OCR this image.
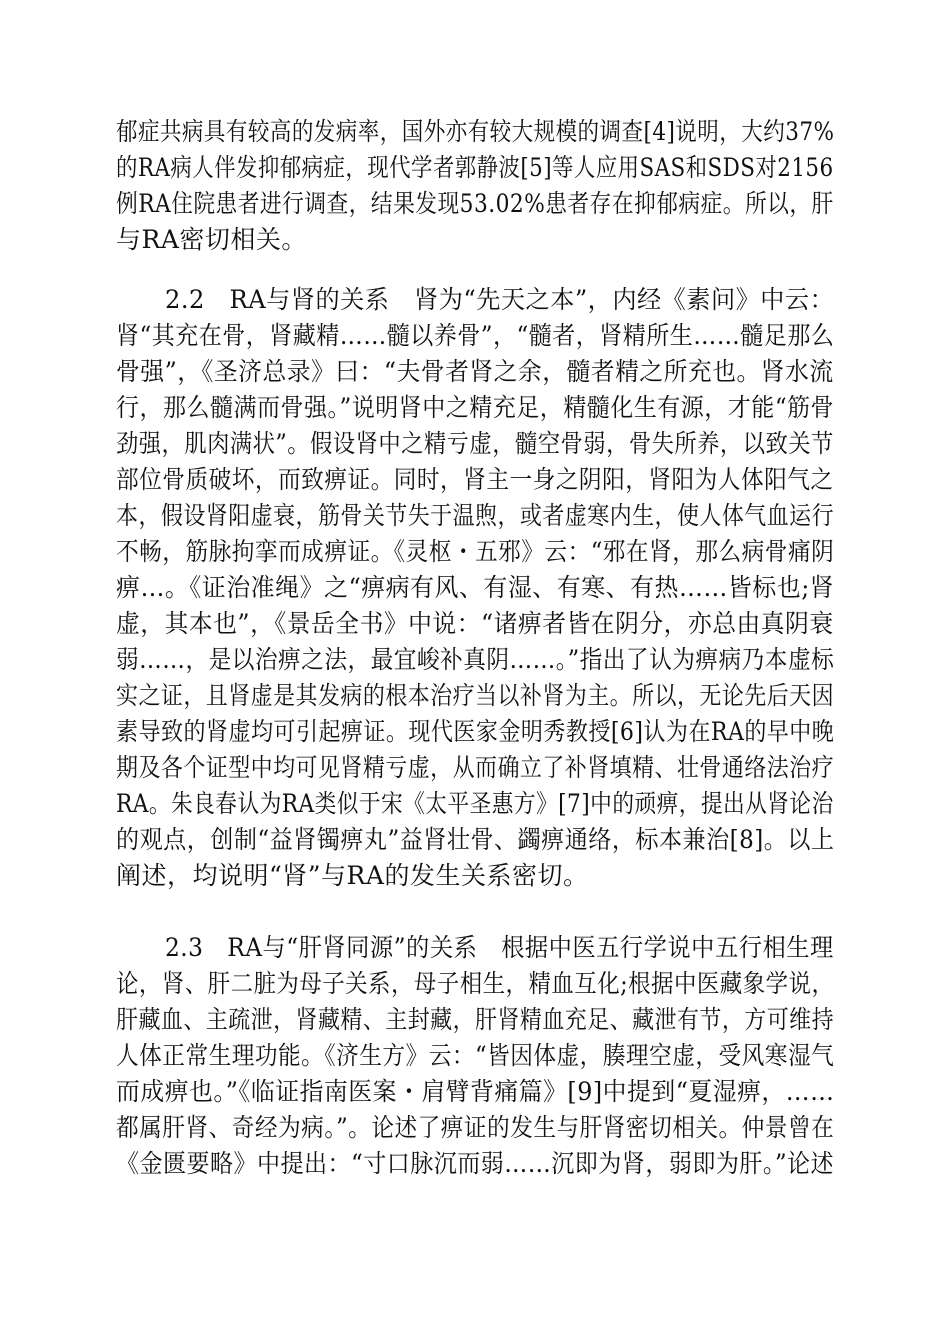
郁症共病具有较高的发病率，国外亦有较大规模的调查[4]说明，大约37%
的RA病人伴发抑郁病症，现代学者郭静波[5]等人应用SAS和SDS对2156
例RA住院患者进行调查，结果发现53.02%患者存在抑郁病症。所以，肝
与RA密切相关。
2.2　RA与肾的关系　肾为“先天之本”，内经《素问》中云：
肾“其充在骨，肾藏精……髓以养骨”，“髓者，肾精所生……髓足那么
骨强”，《圣济总录》曰：“夫骨者肾之余，髓者精之所充也。肾水流
行，那么髓满而骨强。”说明肾中之精充足，精髓化生有源，才能“筋骨
劲强，肌肉满状”。假设肾中之精亏虚，髓空骨弱，骨失所养，以致关节
部位骨质破坏，而致痹证。同时，肾主一身之阴阳，肾阳为人体阳气之
本，假设肾阳虚衰，筋骨关节失于温煦，或者虚寒内生，使人体气血运行
不畅，筋脉拘挛而成痹证。《灵枢・五邪》云：“邪在肾，那么病骨痛阴
痹…。《证治准绳》之“痹病有风、有湿、有寒、有热……皆标也;肾
虚，其本也”，《景岳全书》中说：“诸痹者皆在阴分，亦总由真阴衰
弱……，是以治痹之法，最宜峻补真阴……。”指出了认为痹病乃本虚标
实之证，且肾虚是其发病的根本治疗当以补肾为主。所以，无论先后天因
素导致的肾虚均可引起痹证。现代医家金明秀教授[6]认为在RA的早中晚
期及各个证型中均可见肾精亏虚，从而确立了补肾填精、壮骨通络法治疗
RA。朱良春认为RA类似于宋《太平圣惠方》[7]中的顽痹，提出从肾论治
的观点，创制“益肾镯痹丸”益肾壮骨、蠲痹通络，标本兼治[8]。以上
阐述，均说明“肾”与RA的发生关系密切。
2.3　RA与“肝肾同源”的关系　根据中医五行学说中五行相生理
论，肾、肝二脏为母子关系，母子相生，精血互化;根据中医藏象学说，
肝藏血、主疏泄，肾藏精、主封藏，肝肾精血充足、藏泄有节，方可维持
人体正常生理功能。《济生方》云：“皆因体虚，腠理空虚，受风寒湿气
而成痹也。”《临证指南医案・肩臂背痛篇》[9]中提到“夏湿痹，……
都属肝肾、奇经为病。”。论述了痹证的发生与肝肾密切相关。仲景曾在
《金匮要略》中提出：“寸口脉沉而弱……沉即为肾，弱即为肝。”论述
